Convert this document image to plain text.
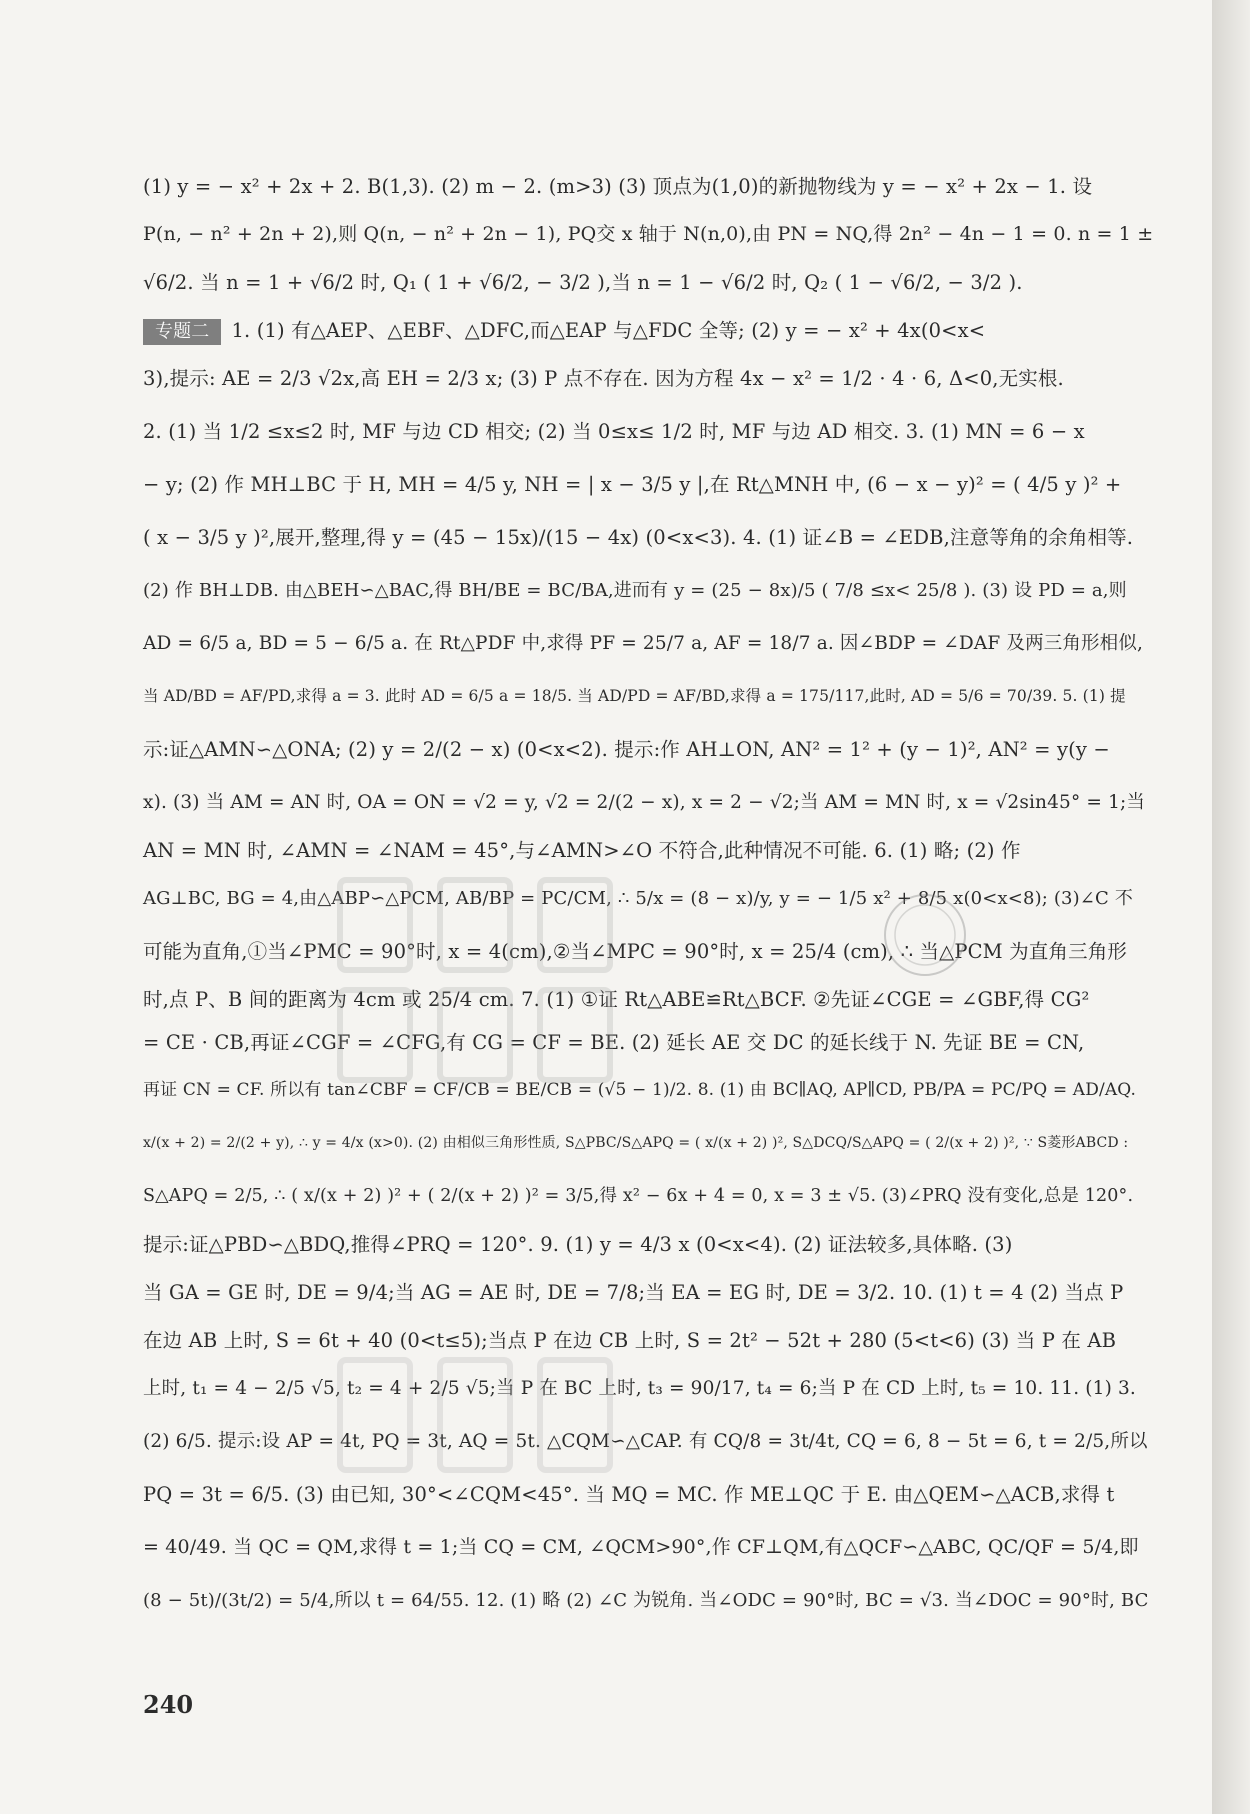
(1) y = − x² + 2x + 2. B(1,3). (2) m − 2. (m>3) (3) 顶点为(1,0)的新抛物线为 y = − x² + 2x − 1. 设
P(n, − n² + 2n + 2),则 Q(n, − n² + 2n − 1), PQ交 x 轴于 N(n,0),由 PN = NQ,得 2n² − 4n − 1 = 0. n = 1 ±
√6/2. 当 n = 1 + √6/2 时, Q₁ ( 1 + √6/2, − 3/2 ),当 n = 1 − √6/2 时, Q₂ ( 1 − √6/2, − 3/2 ).
专题二 1. (1) 有△AEP、△EBF、△DFC,而△EAP 与△FDC 全等; (2) y = − x² + 4x(0<x<
3),提示: AE = 2/3 √2x,高 EH = 2/3 x; (3) P 点不存在. 因为方程 4x − x² = 1/2 · 4 · 6, Δ<0,无实根.
2. (1) 当 1/2 ≤x≤2 时, MF 与边 CD 相交; (2) 当 0≤x≤ 1/2 时, MF 与边 AD 相交. 3. (1) MN = 6 − x
− y; (2) 作 MH⊥BC 于 H, MH = 4/5 y, NH = | x − 3/5 y |,在 Rt△MNH 中, (6 − x − y)² = ( 4/5 y )² +
( x − 3/5 y )²,展开,整理,得 y = (45 − 15x)/(15 − 4x) (0<x<3). 4. (1) 证∠B = ∠EDB,注意等角的余角相等.
(2) 作 BH⊥DB. 由△BEH∽△BAC,得 BH/BE = BC/BA,进而有 y = (25 − 8x)/5 ( 7/8 ≤x< 25/8 ). (3) 设 PD = a,则
AD = 6/5 a, BD = 5 − 6/5 a. 在 Rt△PDF 中,求得 PF = 25/7 a, AF = 18/7 a. 因∠BDP = ∠DAF 及两三角形相似,
当 AD/BD = AF/PD,求得 a = 3. 此时 AD = 6/5 a = 18/5. 当 AD/PD = AF/BD,求得 a = 175/117,此时, AD = 5/6 = 70/39. 5. (1) 提
示:证△AMN∽△ONA; (2) y = 2/(2 − x) (0<x<2). 提示:作 AH⊥ON, AN² = 1² + (y − 1)², AN² = y(y −
x). (3) 当 AM = AN 时, OA = ON = √2 = y, √2 = 2/(2 − x), x = 2 − √2;当 AM = MN 时, x = √2sin45° = 1;当
AN = MN 时, ∠AMN = ∠NAM = 45°,与∠AMN>∠O 不符合,此种情况不可能. 6. (1) 略; (2) 作
AG⊥BC, BG = 4,由△ABP∽△PCM, AB/BP = PC/CM, ∴ 5/x = (8 − x)/y, y = − 1/5 x² + 8/5 x(0<x<8); (3)∠C 不
可能为直角,①当∠PMC = 90°时, x = 4(cm),②当∠MPC = 90°时, x = 25/4 (cm), ∴ 当△PCM 为直角三角形
时,点 P、B 间的距离为 4cm 或 25/4 cm. 7. (1) ①证 Rt△ABE≌Rt△BCF. ②先证∠CGE = ∠GBF,得 CG²
= CE · CB,再证∠CGF = ∠CFG,有 CG = CF = BE. (2) 延长 AE 交 DC 的延长线于 N. 先证 BE = CN,
再证 CN = CF. 所以有 tan∠CBF = CF/CB = BE/CB = (√5 − 1)/2. 8. (1) 由 BC∥AQ, AP∥CD, PB/PA = PC/PQ = AD/AQ.
x/(x + 2) = 2/(2 + y), ∴ y = 4/x (x>0). (2) 由相似三角形性质, S△PBC/S△APQ = ( x/(x + 2) )², S△DCQ/S△APQ = ( 2/(x + 2) )², ∵ S菱形ABCD :
S△APQ = 2/5, ∴ ( x/(x + 2) )² + ( 2/(x + 2) )² = 3/5,得 x² − 6x + 4 = 0, x = 3 ± √5. (3)∠PRQ 没有变化,总是 120°.
提示:证△PBD∽△BDQ,推得∠PRQ = 120°. 9. (1) y = 4/3 x (0<x<4). (2) 证法较多,具体略. (3)
当 GA = GE 时, DE = 9/4;当 AG = AE 时, DE = 7/8;当 EA = EG 时, DE = 3/2. 10. (1) t = 4 (2) 当点 P
在边 AB 上时, S = 6t + 40 (0<t≤5);当点 P 在边 CB 上时, S = 2t² − 52t + 280 (5<t<6) (3) 当 P 在 AB
上时, t₁ = 4 − 2/5 √5, t₂ = 4 + 2/5 √5;当 P 在 BC 上时, t₃ = 90/17, t₄ = 6;当 P 在 CD 上时, t₅ = 10. 11. (1) 3.
(2) 6/5. 提示:设 AP = 4t, PQ = 3t, AQ = 5t. △CQM∽△CAP. 有 CQ/8 = 3t/4t, CQ = 6, 8 − 5t = 6, t = 2/5,所以
PQ = 3t = 6/5. (3) 由已知, 30°<∠CQM<45°. 当 MQ = MC. 作 ME⊥QC 于 E. 由△QEM∽△ACB,求得 t
= 40/49. 当 QC = QM,求得 t = 1;当 CQ = CM, ∠QCM>90°,作 CF⊥QM,有△QCF∽△ABC, QC/QF = 5/4,即
(8 − 5t)/(3t/2) = 5/4,所以 t = 64/55. 12. (1) 略 (2) ∠C 为锐角. 当∠ODC = 90°时, BC = √3. 当∠DOC = 90°时, BC
240
